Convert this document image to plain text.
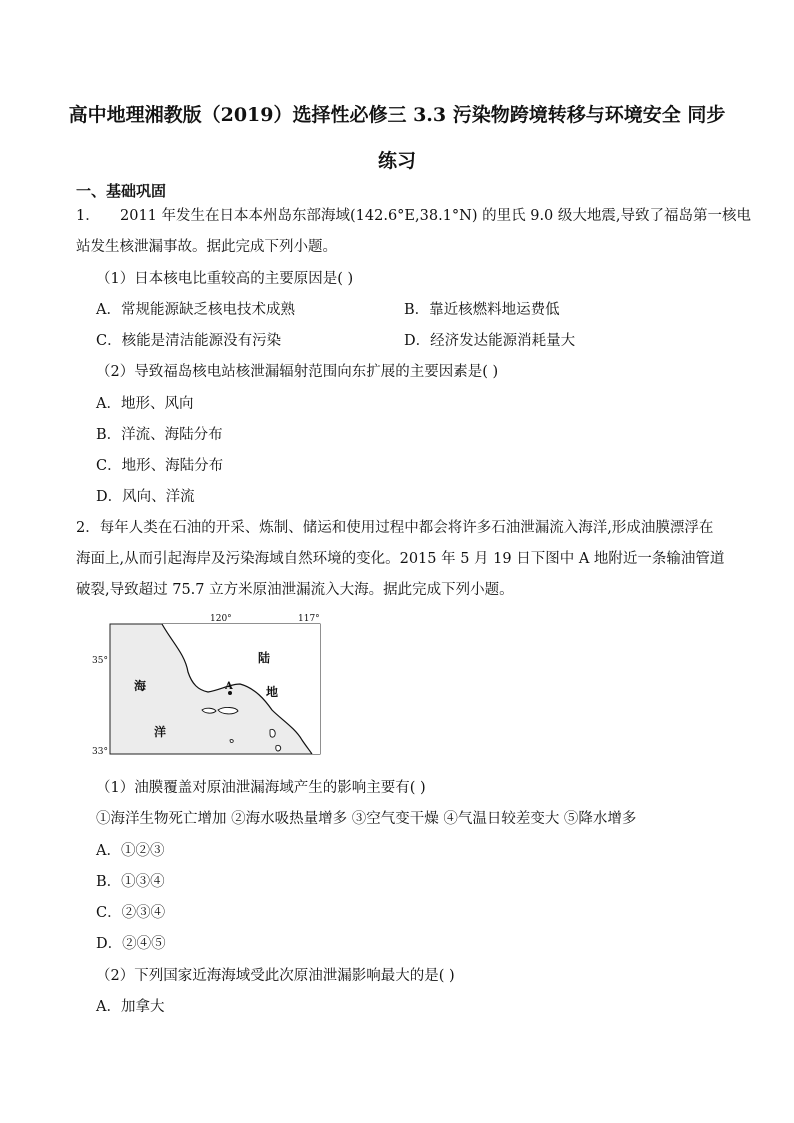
高中地理湘教版（2019）选择性必修三 3.3 污染物跨境转移与环境安全 同步
练习
一、基础巩固
1． 2011 年发生在日本本州岛东部海域(142.6°E,38.1°N) 的里氏 9.0 级大地震,导致了福岛第一核电
站发生核泄漏事故。据此完成下列小题。
（1）日本核电比重较高的主要原因是( )
A．常规能源缺乏核电技术成熟	B．靠近核燃料地运费低
C．核能是清洁能源没有污染	D．经济发达能源消耗量大
（2）导致福岛核电站核泄漏辐射范围向东扩展的主要因素是( )
A．地形、风向
B．洋流、海陆分布
C．地形、海陆分布
D．风向、洋流
2．每年人类在石油的开采、炼制、储运和使用过程中都会将许多石油泄漏流入海洋,形成油膜漂浮在
海面上,从而引起海岸及污染海域自然环境的变化。2015 年 5 月 19 日下图中 A 地附近一条输油管道
破裂,导致超过 75.7 立方米原油泄漏流入大海。据此完成下列小题。
120°	117°
35°
33°
海
洋
陆
地
A
（1）油膜覆盖对原油泄漏海域产生的影响主要有( )
①海洋生物死亡增加 ②海水吸热量增多 ③空气变干燥 ④气温日较差变大 ⑤降水增多
A．①②③
B．①③④
C．②③④
D．②④⑤
（2）下列国家近海海域受此次原油泄漏影响最大的是( )
A．加拿大
